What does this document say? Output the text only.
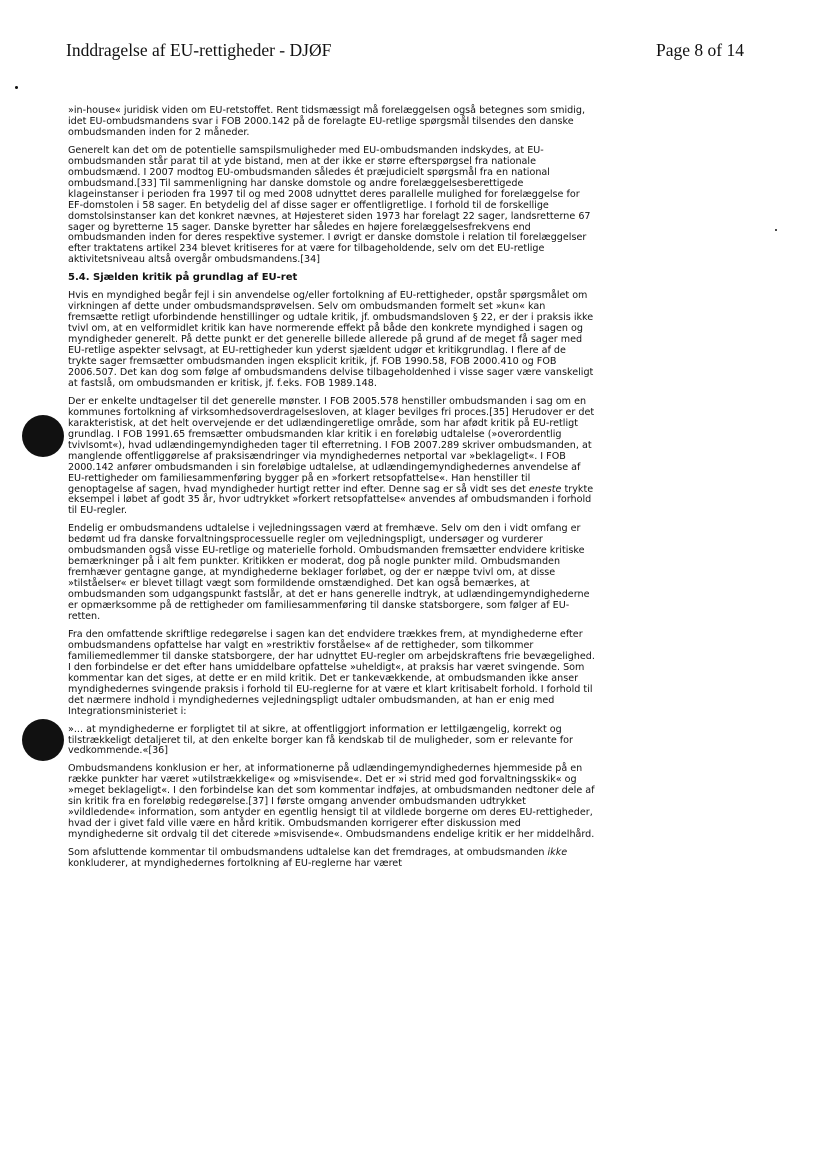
Inddragelse af EU-rettigheder - DJØF	Page 8 of 14

»in-house« juridisk viden om EU-retstoffet. Rent tidsmæssigt må forelæggelsen også betegnes som smidig, idet EU-ombudsmandens svar i FOB 2000.142 på de forelagte EU-retlige spørgsmål tilsendes den danske ombudsmanden inden for 2 måneder.

Generelt kan det om de potentielle samspilsmuligheder med EU-ombudsmanden indskydes, at EU-ombudsmanden står parat til at yde bistand, men at der ikke er større efterspørgsel fra nationale ombudsmænd. I 2007 modtog EU-ombudsmanden således ét præjudicielt spørgsmål fra en national ombudsmand.[33] Til sammenligning har danske domstole og andre forelæggelsesberettigede klageinstanser i perioden fra 1997 til og med 2008 udnyttet deres parallelle mulighed for forelæggelse for EF-domstolen i 58 sager. En betydelig del af disse sager er offentligretlige. I forhold til de forskellige domstolsinstanser kan det konkret nævnes, at Højesteret siden 1973 har forelagt 22 sager, landsretterne 67 sager og byretterne 15 sager. Danske byretter har således en højere forelæggelsesfrekvens end ombudsmanden inden for deres respektive systemer. I øvrigt er danske domstole i relation til forelæggelser efter traktatens artikel 234 blevet kritiseres for at være for tilbageholdende, selv om det EU-retlige aktivitetsniveau altså overgår ombudsmandens.[34]

5.4. Sjælden kritik på grundlag af EU-ret

Hvis en myndighed begår fejl i sin anvendelse og/eller fortolkning af EU-rettigheder, opstår spørgsmålet om virkningen af dette under ombudsmandsprøvelsen. Selv om ombudsmanden formelt set »kun« kan fremsætte retligt uforbindende henstillinger og udtale kritik, jf. ombudsmandsloven § 22, er der i praksis ikke tvivl om, at en velformidlet kritik kan have normerende effekt på både den konkrete myndighed i sagen og myndigheder generelt. På dette punkt er det generelle billede allerede på grund af de meget få sager med EU-retlige aspekter selvsagt, at EU-rettigheder kun yderst sjældent udgør et kritikgrundlag. I flere af de trykte sager fremsætter ombudsmanden ingen eksplicit kritik, jf. FOB 1990.58, FOB 2000.410 og FOB 2006.507. Det kan dog som følge af ombudsmandens delvise tilbageholdenhed i visse sager være vanskeligt at fastslå, om ombudsmanden er kritisk, jf. f.eks. FOB 1989.148.

Der er enkelte undtagelser til det generelle mønster. I FOB 2005.578 henstiller ombudsmanden i sag om en kommunes fortolkning af virksomhedsoverdragelsesloven, at klager bevilges fri proces.[35] Herudover er det karakteristisk, at det helt overvejende er det udlændingeretlige område, som har afødt kritik på EU-retligt grundlag. I FOB 1991.65 fremsætter ombudsmanden klar kritik i en foreløbig udtalelse (»overordentlig tvivlsomt«), hvad udlændingemyndigheden tager til efterretning. I FOB 2007.289 skriver ombudsmanden, at manglende offentliggørelse af praksisændringer via myndighedernes netportal var »beklageligt«. I FOB 2000.142 anfører ombudsmanden i sin foreløbige udtalelse, at udlændingemyndighedernes anvendelse af EU-rettigheder om familiesammenføring bygger på en »forkert retsopfattelse«. Han henstiller til genoptagelse af sagen, hvad myndigheder hurtigt retter ind efter. Denne sag er så vidt ses det eneste trykte eksempel i løbet af godt 35 år, hvor udtrykket »forkert retsopfattelse« anvendes af ombudsmanden i forhold til EU-regler.

Endelig er ombudsmandens udtalelse i vejledningssagen værd at fremhæve. Selv om den i vidt omfang er bedømt ud fra danske forvaltningsprocessuelle regler om vejledningspligt, undersøger og vurderer ombudsmanden også visse EU-retlige og materielle forhold. Ombudsmanden fremsætter endvidere kritiske bemærkninger på i alt fem punkter. Kritikken er moderat, dog på nogle punkter mild. Ombudsmanden fremhæver gentagne gange, at myndighederne beklager forløbet, og der er næppe tvivl om, at disse »tilståelser« er blevet tillagt vægt som formildende omstændighed. Det kan også bemærkes, at ombudsmanden som udgangspunkt fastslår, at det er hans generelle indtryk, at udlændingemyndighederne er opmærksomme på de rettigheder om familiesammenføring til danske statsborgere, som følger af EU-retten.

Fra den omfattende skriftlige redegørelse i sagen kan det endvidere trækkes frem, at myndighederne efter ombudsmandens opfattelse har valgt en »restriktiv forståelse« af de rettigheder, som tilkommer familiemedlemmer til danske statsborgere, der har udnyttet EU-regler om arbejdskraftens frie bevægelighed. I den forbindelse er det efter hans umiddelbare opfattelse »uheldigt«, at praksis har været svingende. Som kommentar kan det siges, at dette er en mild kritik. Det er tankevækkende, at ombudsmanden ikke anser myndighedernes svingende praksis i forhold til EU-reglerne for at være et klart kritisabelt forhold. I forhold til det nærmere indhold i myndighedernes vejledningspligt udtaler ombudsmanden, at han er enig med Integrationsministeriet i:

»... at myndighederne er forpligtet til at sikre, at offentliggjort information er lettilgængelig, korrekt og tilstrækkeligt detaljeret til, at den enkelte borger kan få kendskab til de muligheder, som er relevante for vedkommende.«[36]

Ombudsmandens konklusion er her, at informationerne på udlændingemyndighedernes hjemmeside på en række punkter har været »utilstrækkelige« og »misvisende«. Det er »i strid med god forvaltningsskik« og »meget beklageligt«. I den forbindelse kan det som kommentar indføjes, at ombudsmanden nedtoner dele af sin kritik fra en foreløbig redegørelse.[37] I første omgang anvender ombudsmanden udtrykket »vildledende« information, som antyder en egentlig hensigt til at vildlede borgerne om deres EU-rettigheder, hvad der i givet fald ville være en hård kritik. Ombudsmanden korrigerer efter diskussion med myndighederne sit ordvalg til det citerede »misvisende«. Ombudsmandens endelige kritik er her middelhård.

Som afsluttende kommentar til ombudsmandens udtalelse kan det fremdrages, at ombudsmanden ikke konkluderer, at myndighedernes fortolkning af EU-reglerne har været
